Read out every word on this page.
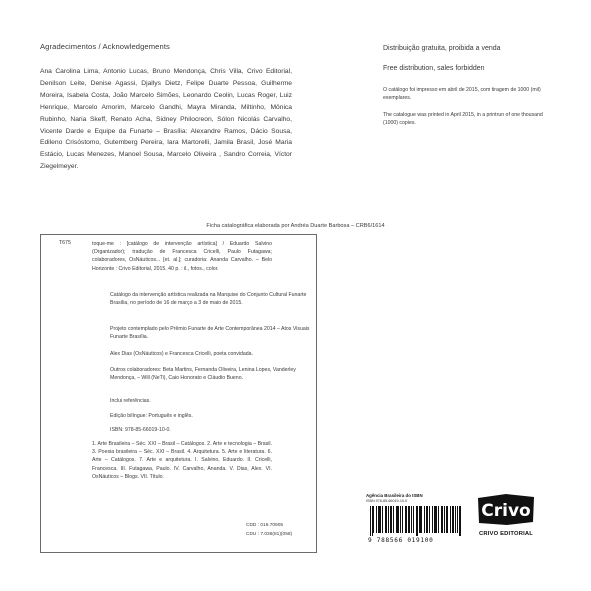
Agradecimentos / Acknowledgements
Ana Carolina Lima, Antonio Lucas, Bruno Mendonça, Chris Villa, Crivo Editorial, Denilson Leite, Denise Agassi, Djallys Dietz, Felipe Duarte Pessoa, Guilherme Moreira, Isabela Costa, João Marcelo Simões, Leonardo Ceolin, Lucas Roger, Luiz Henrique, Marcelo Amorim, Marcelo Gandhi, Mayra Miranda, Miltinho, Mônica Rubinho, Naria Skeff, Renato Acha, Sidney Philocreon, Sólon Nicolás Carvalho, Vicente Darde e Equipe da Funarte – Brasília: Alexandre Ramos, Dácio Sousa, Edileno Crisóstomo, Gutemberg Pereira, Iara Martorelli, Jamila Brasil, José Maria Estácio, Lucas Menezes, Manoel Sousa, Marcelo Oliveira , Sandro Correia, Víctor Ziegelmeyer.
Distribuição gratuita, proibida a venda
Free distribution, sales forbidden
O catálogo foi impresso em abril de 2015, com tiragem de 1000 (mil) exemplares.
The catalogue was printed in April 2015, in a printrun of one thousand (1000) copies.
Ficha catalográfica elaborada por Andréa Duarte Barbosa – CRB6/1614
T675	toque-me : [catálogo de intervenção artística] / Eduardo Salvino (Organizador); tradução de Francesca Cricelli, Paulo Futagawa; colaboradores, OsNáuticos... [et. al.]; curadoria: Ananda Carvalho. – Belo Horizonte : Crivo Editorial, 2015. 40 p. : il., fotos., color.
Catálogo da intervenção artística realizada na Marquise do Conjunto Cultural Funarte Brasília, no período de 16 de março a 3 de maio de 2015.
Projeto contemplado pelo Prêmio Funarte de Arte Contemporânea 2014 – Atos Visuais Funarte Brasília.
Alex Dias (OsNáuticos) e Francesca Cricelli, poeta convidada.
Outros colaboradores: Beta Martins, Fernanda Oliveira, Lenina Lopes, Vanderley Mendonça, – Will (NeTi), Caio Honorato e Cláudio Bueno.
Inclui referências.
Edição bilíngue: Português e inglês.
ISBN: 978-85-66019-10-0.
1. Arte Brasileira – Séc. XXI – Brasil – Catálogos. 2. Arte e tecnologia – Brasil. 3. Poesia brasileira – Séc. XXI – Brasil. 4. Arquitetura. 5. Arte e literatura. 6. Arte – Catálogos. 7. Arte e arquitetura. I. Salvino, Eduardo. II. Cricelli, Francesca. III. Futagawa, Paulo. IV. Carvalho, Ananda. V. Dias, Alex. VI. OsNáuticos – Blogs. VII. Título.
CDD : 016.70905
CDU : 7.036(81)(058)
Agência Brasileira do ISBN
ISBN 978-85-66019-10-0
9 788566 019100
Crivo
CRIVO EDITORIAL
